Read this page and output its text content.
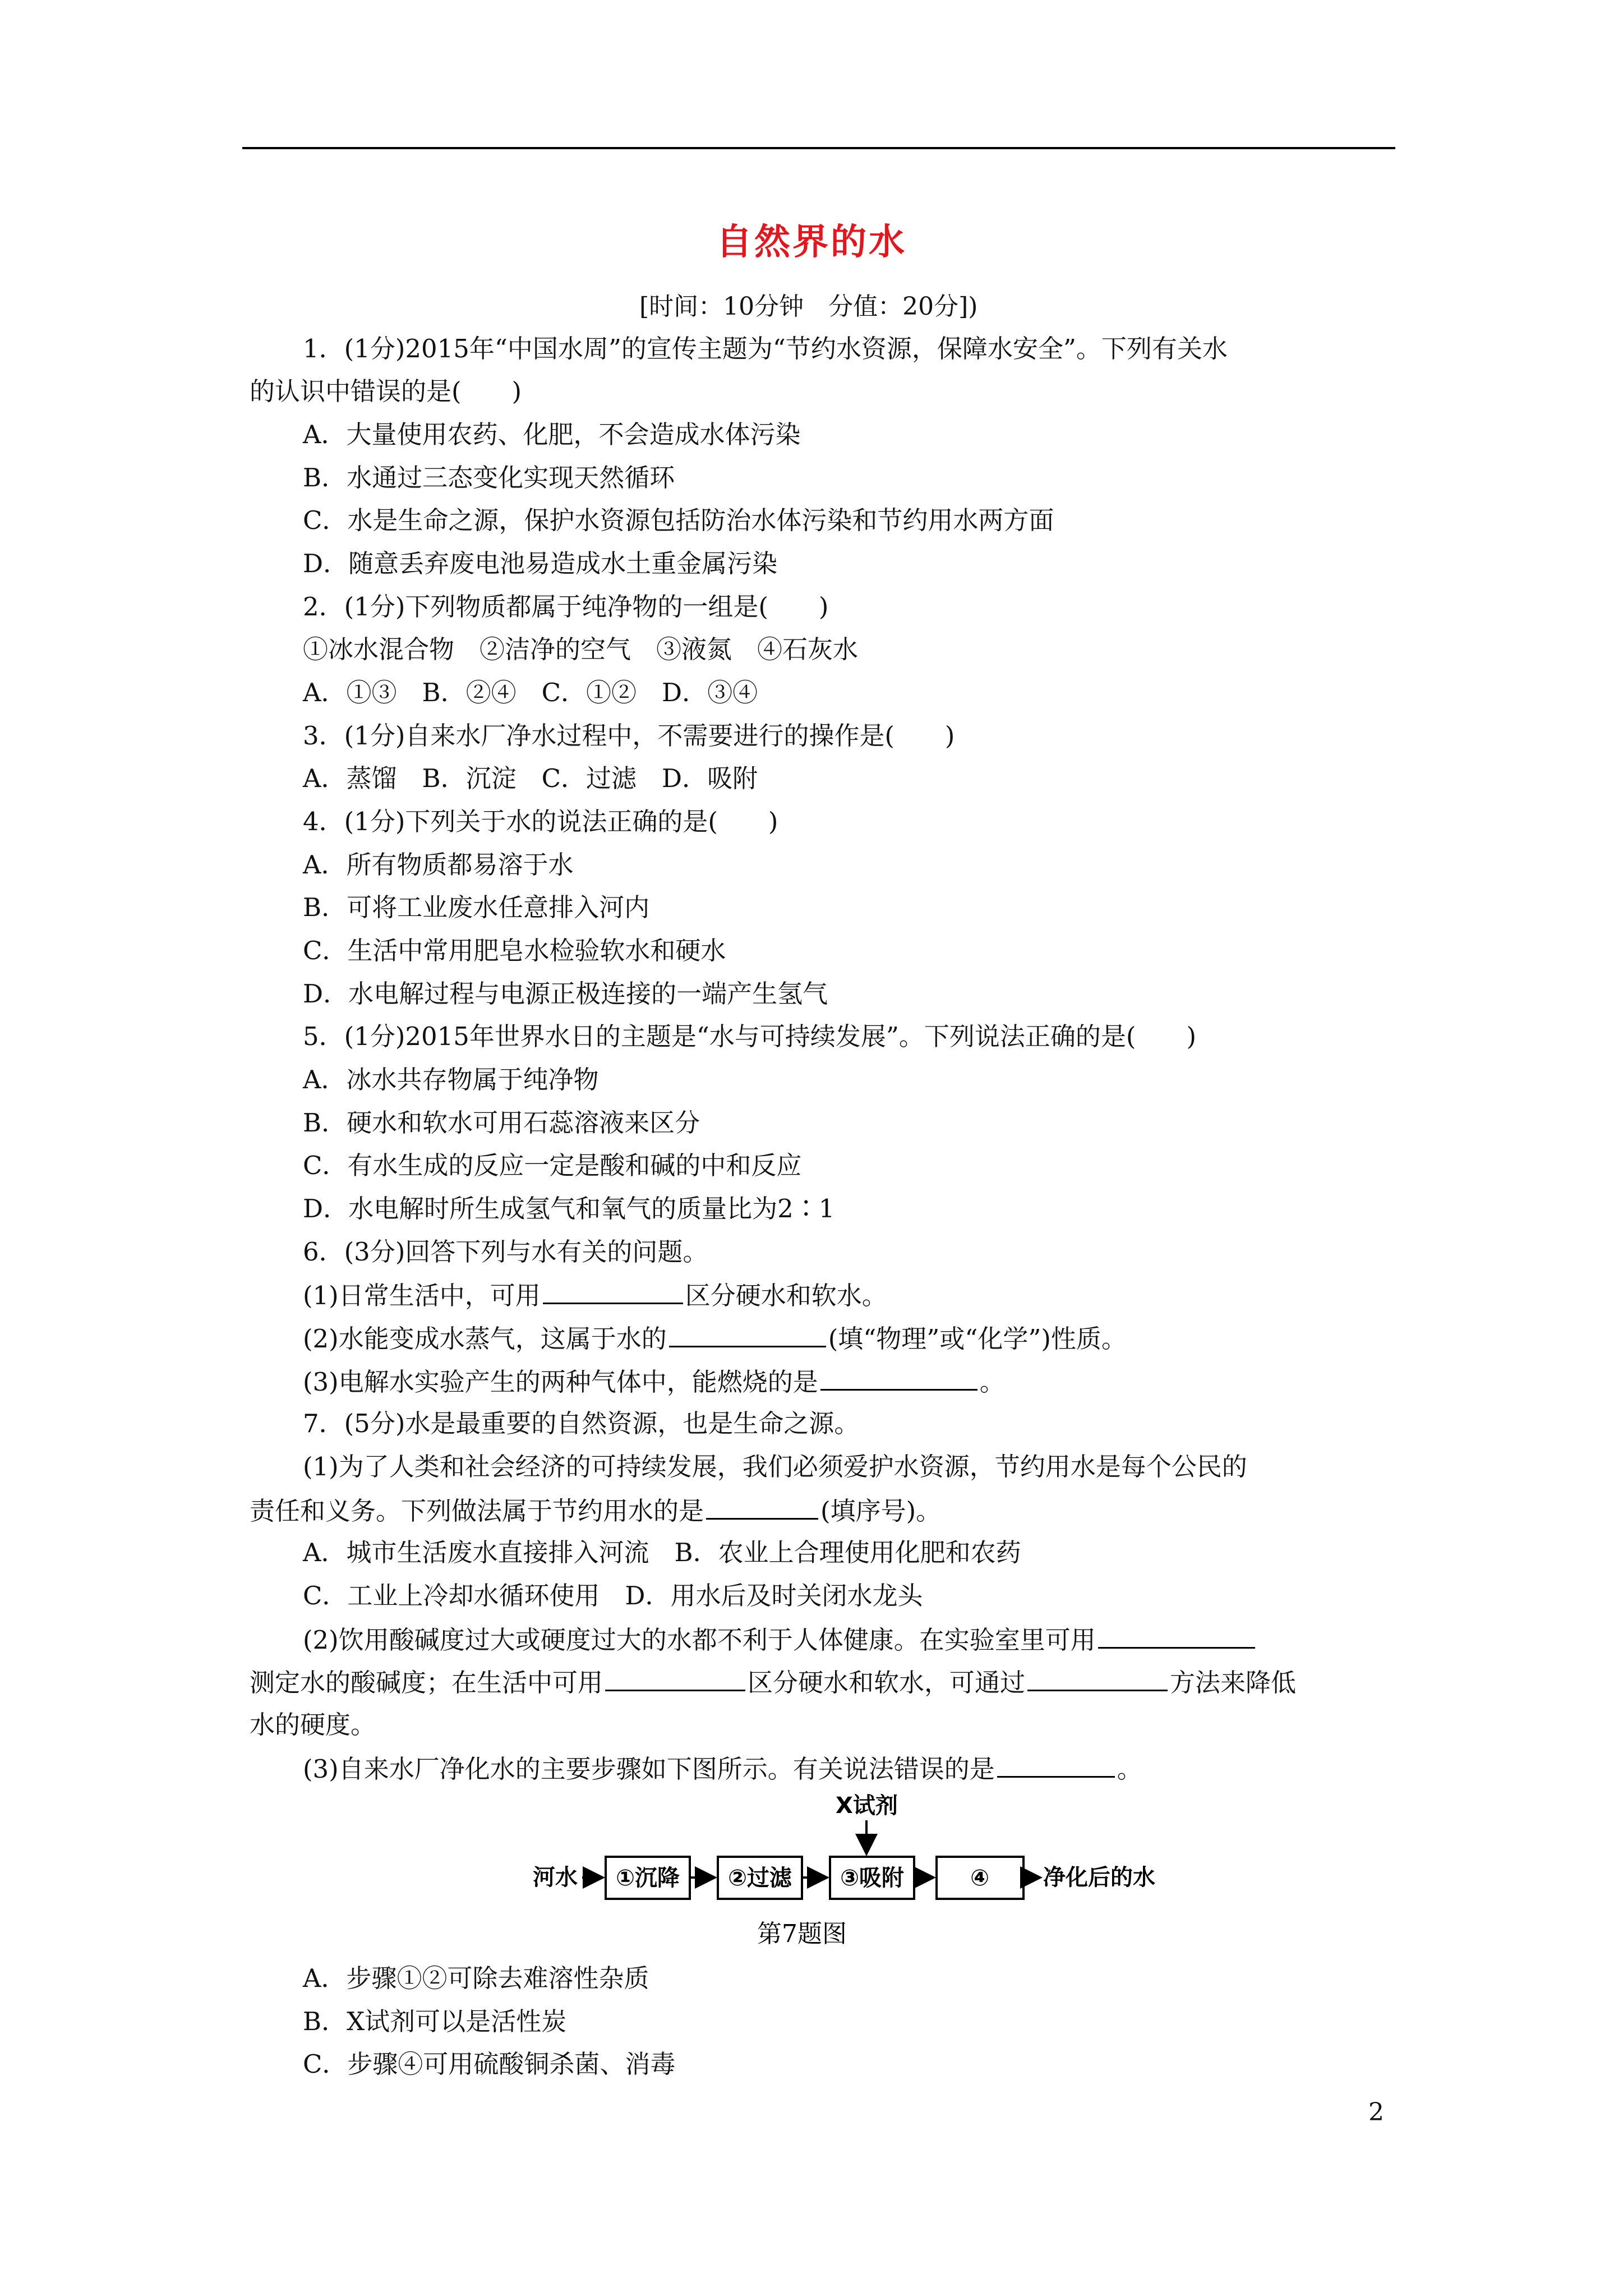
自然界的水
[时间：10分钟　分值：20分])
1．(1分)2015年“中国水周”的宣传主题为“节约水资源，保障水安全”。下列有关水
的认识中错误的是(　　)
A．大量使用农药、化肥，不会造成水体污染
B．水通过三态变化实现天然循环
C．水是生命之源，保护水资源包括防治水体污染和节约用水两方面
D．随意丢弃废电池易造成水土重金属污染
2．(1分)下列物质都属于纯净物的一组是(　　)
①冰水混合物　②洁净的空气　③液氮　④石灰水
A．①③　B．②④　C．①②　D．③④
3．(1分)自来水厂净水过程中，不需要进行的操作是(　　)
A．蒸馏　B．沉淀　C．过滤　D．吸附
4．(1分)下列关于水的说法正确的是(　　)
A．所有物质都易溶于水
B．可将工业废水任意排入河内
C．生活中常用肥皂水检验软水和硬水
D．水电解过程与电源正极连接的一端产生氢气
5．(1分)2015年世界水日的主题是“水与可持续发展”。下列说法正确的是(　　)
A．冰水共存物属于纯净物
B．硬水和软水可用石蕊溶液来区分
C．有水生成的反应一定是酸和碱的中和反应
D．水电解时所生成氢气和氧气的质量比为2∶1
6．(3分)回答下列与水有关的问题。
(1)日常生活中，可用	区分硬水和软水。
(2)水能变成水蒸气，这属于水的	(填“物理”或“化学”)性质。
(3)电解水实验产生的两种气体中，能燃烧的是	。
7．(5分)水是最重要的自然资源，也是生命之源。
(1)为了人类和社会经济的可持续发展，我们必须爱护水资源，节约用水是每个公民的
责任和义务。下列做法属于节约用水的是	(填序号)。
A．城市生活废水直接排入河流　B．农业上合理使用化肥和农药
C．工业上冷却水循环使用　D．用水后及时关闭水龙头
(2)饮用酸碱度过大或硬度过大的水都不利于人体健康。在实验室里可用
测定水的酸碱度；在生活中可用	区分硬水和软水，可通过	方法来降低
水的硬度。
(3)自来水厂净化水的主要步骤如下图所示。有关说法错误的是	。
X试剂
河水 ①沉降 ②过滤 ③吸附	④ 净化后的水
第7题图
A．步骤①②可除去难溶性杂质
B．X试剂可以是活性炭
C．步骤④可用硫酸铜杀菌、消毒
2
